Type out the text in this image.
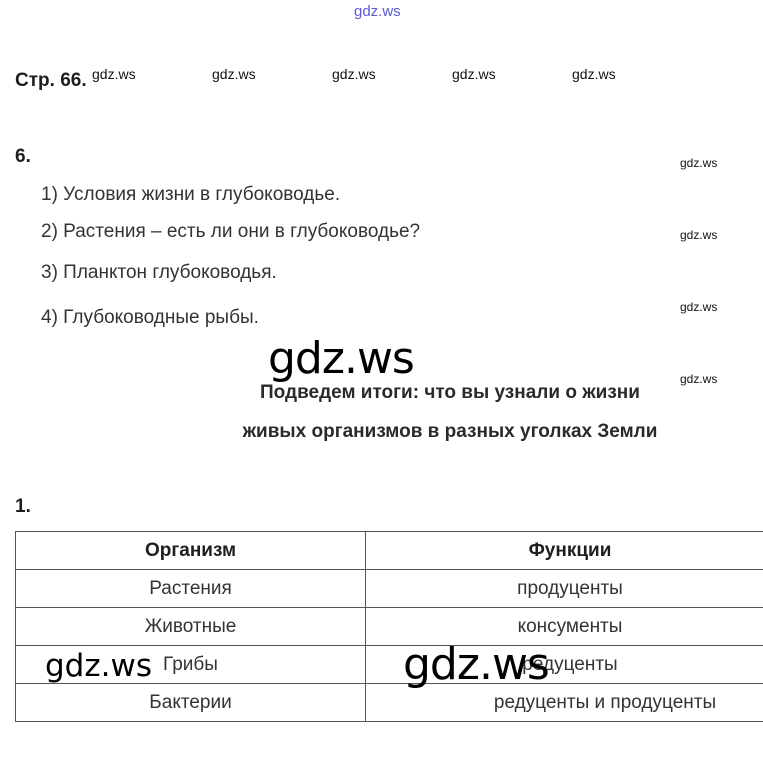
gdz.ws
Стр. 66. gdz.ws	gdz.ws	gdz.ws	gdz.ws	gdz.ws
6.
1) Условия жизни в глубоководье.
2) Растения – есть ли они в глубоководье?
3) Планктон глубоководья.
4) Глубоководные рыбы.
gdz.ws
gdz.ws
gdz.ws
gdz.ws
gdz.ws
Подведем итоги: что вы узнали о жизни
живых организмов в разных уголках Земли
1.
Организм	Функции
Растения	продуценты
Животные	консументы
Грибы	редуценты
Бактерии	редуценты и продуценты
gdz.ws	gdz.ws
